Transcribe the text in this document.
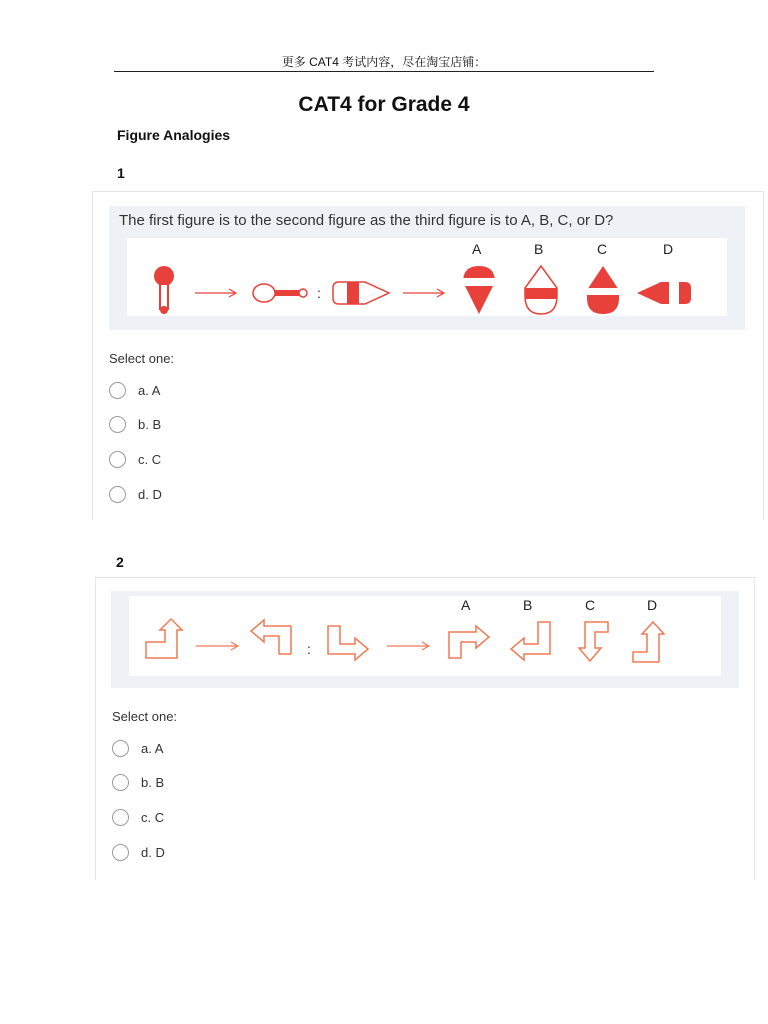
更多 CAT4 考试内容，尽在淘宝店铺：
CAT4 for Grade 4
Figure Analogies
1
The first figure is to the second figure as the third figure is to A, B, C, or D?
:
A	B	C	D
Select one:
a. A
b. B
c. C
d. D
2
:
A	B	C	D
Select one:
a. A
b. B
c. C
d. D
